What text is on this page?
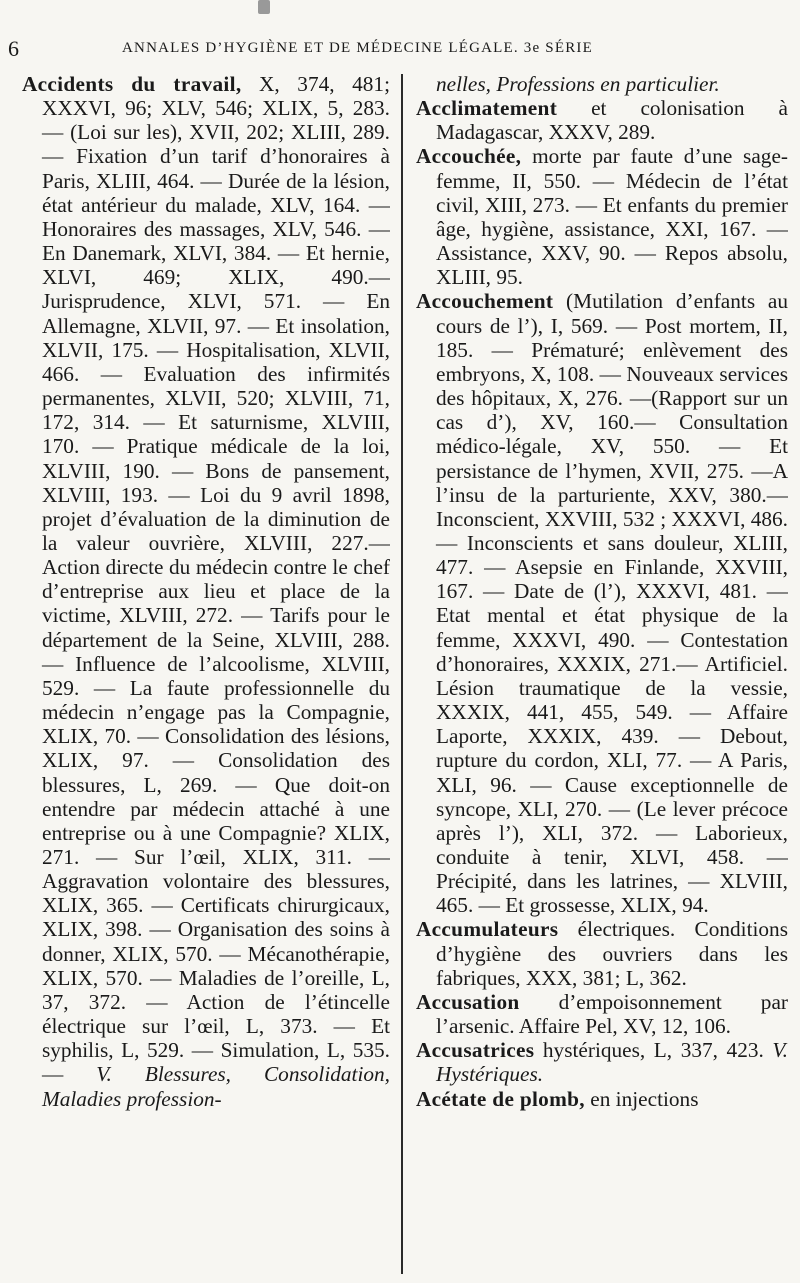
6	ANNALES D’HYGIÈNE ET DE MÉDECINE LÉGALE. 3e SÉRIE

Accidents du travail, X, 374, 481; XXXVI, 96; XLV, 546; XLIX, 5, 283. — (Loi sur les), XVII, 202; XLIII, 289. — Fixation d’un tarif d’honoraires à Paris, XLIII, 464. — Durée de la lésion, état antérieur du malade, XLV, 164. — Honoraires des massages, XLV, 546. — En Danemark, XLVI, 384. — Et hernie, XLVI, 469; XLIX, 490.— Jurisprudence, XLVI, 571. — En Allemagne, XLVII, 97. — Et insolation, XLVII, 175. — Hospitalisation, XLVII, 466. — Evaluation des infirmités permanentes, XLVII, 520; XLVIII, 71, 172, 314. — Et saturnisme, XLVIII, 170. — Pratique médicale de la loi, XLVIII, 190. — Bons de pansement, XLVIII, 193. — Loi du 9 avril 1898, projet d’évaluation de la diminution de la valeur ouvrière, XLVIII, 227.—Action directe du médecin contre le chef d’entreprise aux lieu et place de la victime, XLVIII, 272. — Tarifs pour le département de la Seine, XLVIII, 288. — Influence de l’alcoolisme, XLVIII, 529. — La faute professionnelle du médecin n’engage pas la Compagnie, XLIX, 70. — Consolidation des lésions, XLIX, 97. — Consolidation des blessures, L, 269. — Que doit-on entendre par médecin attaché à une entreprise ou à une Compagnie? XLIX, 271. — Sur l’œil, XLIX, 311. — Aggravation volontaire des blessures, XLIX, 365. — Certificats chirurgicaux, XLIX, 398. — Organisation des soins à donner, XLIX, 570. — Mécanothérapie, XLIX, 570. — Maladies de l’oreille, L, 37, 372. — Action de l’étincelle électrique sur l’œil, L, 373. — Et syphilis, L, 529. — Simulation, L, 535. — V. Blessures, Consolidation, Maladies profession-

nelles, Professions en particulier.

Acclimatement et colonisation à Madagascar, XXXV, 289.

Accouchée, morte par faute d’une sage-femme, II, 550. — Médecin de l’état civil, XIII, 273. — Et enfants du premier âge, hygiène, assistance, XXI, 167. — Assistance, XXV, 90. — Repos absolu, XLIII, 95.

Accouchement (Mutilation d’enfants au cours de l’), I, 569. — Post mortem, II, 185. — Prématuré; enlèvement des embryons, X, 108. — Nouveaux services des hôpitaux, X, 276. —(Rapport sur un cas d’), XV, 160.— Consultation médico-légale, XV, 550. — Et persistance de l’hymen, XVII, 275. —A l’insu de la parturiente, XXV, 380.— Inconscient, XXVIII, 532 ; XXXVI, 486.— Inconscients et sans douleur, XLIII, 477. — Asepsie en Finlande, XXVIII, 167. — Date de (l’), XXXVI, 481. — Etat mental et état physique de la femme, XXXVI, 490. — Contestation d’honoraires, XXXIX, 271.— Artificiel. Lésion traumatique de la vessie, XXXIX, 441, 455, 549. — Affaire Laporte, XXXIX, 439. — Debout, rupture du cordon, XLI, 77. — A Paris, XLI, 96. — Cause exceptionnelle de syncope, XLI, 270. — (Le lever précoce après l’), XLI, 372. — Laborieux, conduite à tenir, XLVI, 458. — Précipité, dans les latrines, — XLVIII, 465. — Et grossesse, XLIX, 94.

Accumulateurs électriques. Conditions d’hygiène des ouvriers dans les fabriques, XXX, 381; L, 362.

Accusation d’empoisonnement par l’arsenic. Affaire Pel, XV, 12, 106.

Accusatrices hystériques, L, 337, 423. V. Hystériques.

Acétate de plomb, en injections
